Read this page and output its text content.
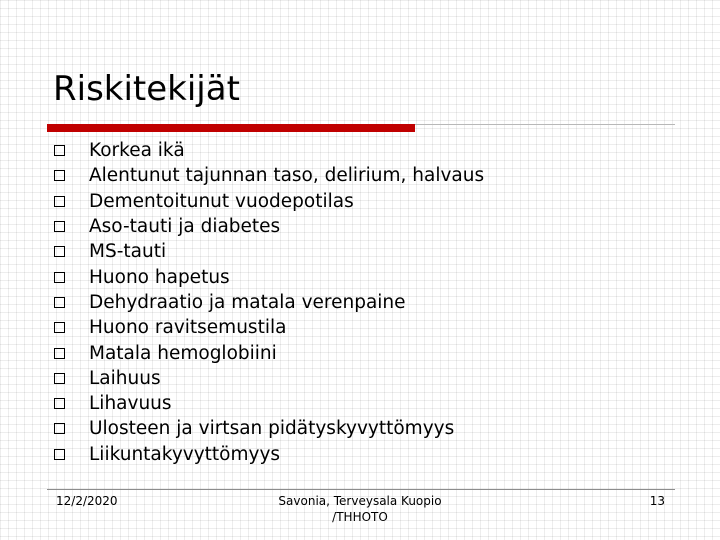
Riskitekijät
Korkea ikä
Alentunut tajunnan taso, delirium, halvaus
Dementoitunut vuodepotilas
Aso-tauti ja diabetes
MS-tauti
Huono hapetus
Dehydraatio ja matala verenpaine
Huono ravitsemustila
Matala hemoglobiini
Laihuus
Lihavuus
Ulosteen ja virtsan pidätyskyvyttömyys
Liikuntakyvyttömyys
12/2/2020	Savonia, Terveysala Kuopio
/THHOTO
13
